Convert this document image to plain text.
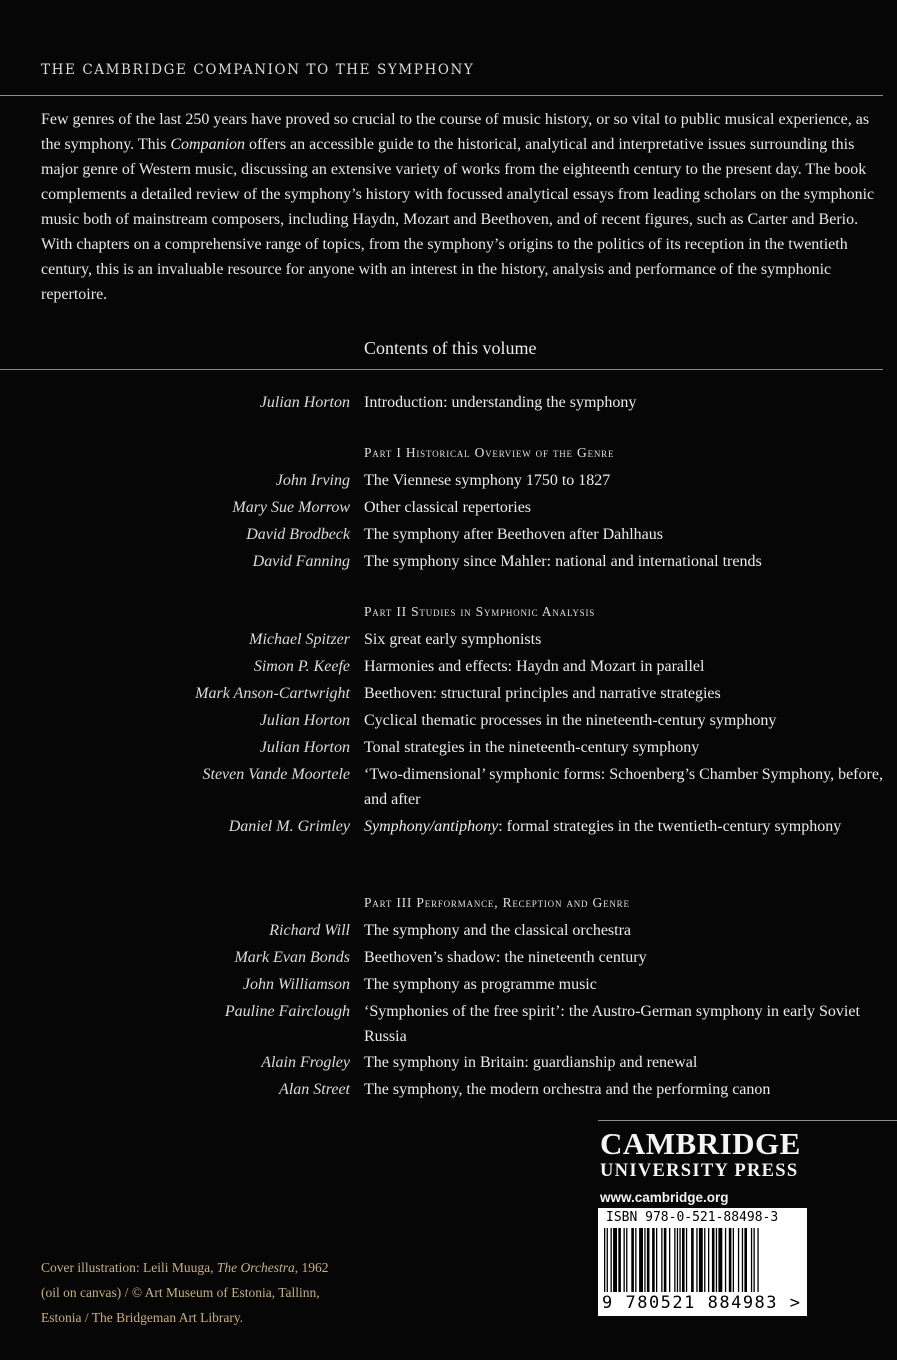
THE CAMBRIDGE COMPANION TO THE SYMPHONY
Few genres of the last 250 years have proved so crucial to the course of music history, or so vital to public musical experience, as the symphony. This Companion offers an accessible guide to the historical, analytical and interpretative issues surrounding this major genre of Western music, discussing an extensive variety of works from the eighteenth century to the present day. The book complements a detailed review of the symphony’s history with focussed analytical essays from leading scholars on the symphonic music both of mainstream composers, including Haydn, Mozart and Beethoven, and of recent figures, such as Carter and Berio. With chapters on a comprehensive range of topics, from the symphony’s origins to the politics of its reception in the twentieth century, this is an invaluable resource for anyone with an interest in the history, analysis and performance of the symphonic repertoire.
Contents of this volume
Julian Horton Introduction: understanding the symphony
Part I Historical Overview of the Genre
John Irving The Viennese symphony 1750 to 1827
Mary Sue Morrow Other classical repertories
David Brodbeck The symphony after Beethoven after Dahlhaus
David Fanning The symphony since Mahler: national and international trends
Part II Studies in Symphonic Analysis
Michael Spitzer Six great early symphonists
Simon P. Keefe Harmonies and effects: Haydn and Mozart in parallel
Mark Anson-Cartwright Beethoven: structural principles and narrative strategies
Julian Horton Cyclical thematic processes in the nineteenth-century symphony
Julian Horton Tonal strategies in the nineteenth-century symphony
Steven Vande Moortele ‘Two-dimensional’ symphonic forms: Schoenberg’s Chamber Symphony, before, and after
Daniel M. Grimley Symphony/antiphony: formal strategies in the twentieth-century symphony
Part III Performance, Reception and Genre
Richard Will The symphony and the classical orchestra
Mark Evan Bonds Beethoven’s shadow: the nineteenth century
John Williamson The symphony as programme music
Pauline Fairclough ‘Symphonies of the free spirit’: the Austro-German symphony in early Soviet Russia
Alain Frogley The symphony in Britain: guardianship and renewal
Alan Street The symphony, the modern orchestra and the performing canon
CAMBRIDGE
UNIVERSITY PRESS
www.cambridge.org
ISBN 978-0-521-88498-3
9 780521 884983 >
Cover illustration: Leili Muuga, The Orchestra, 1962
(oil on canvas) / © Art Museum of Estonia, Tallinn,
Estonia / The Bridgeman Art Library.
